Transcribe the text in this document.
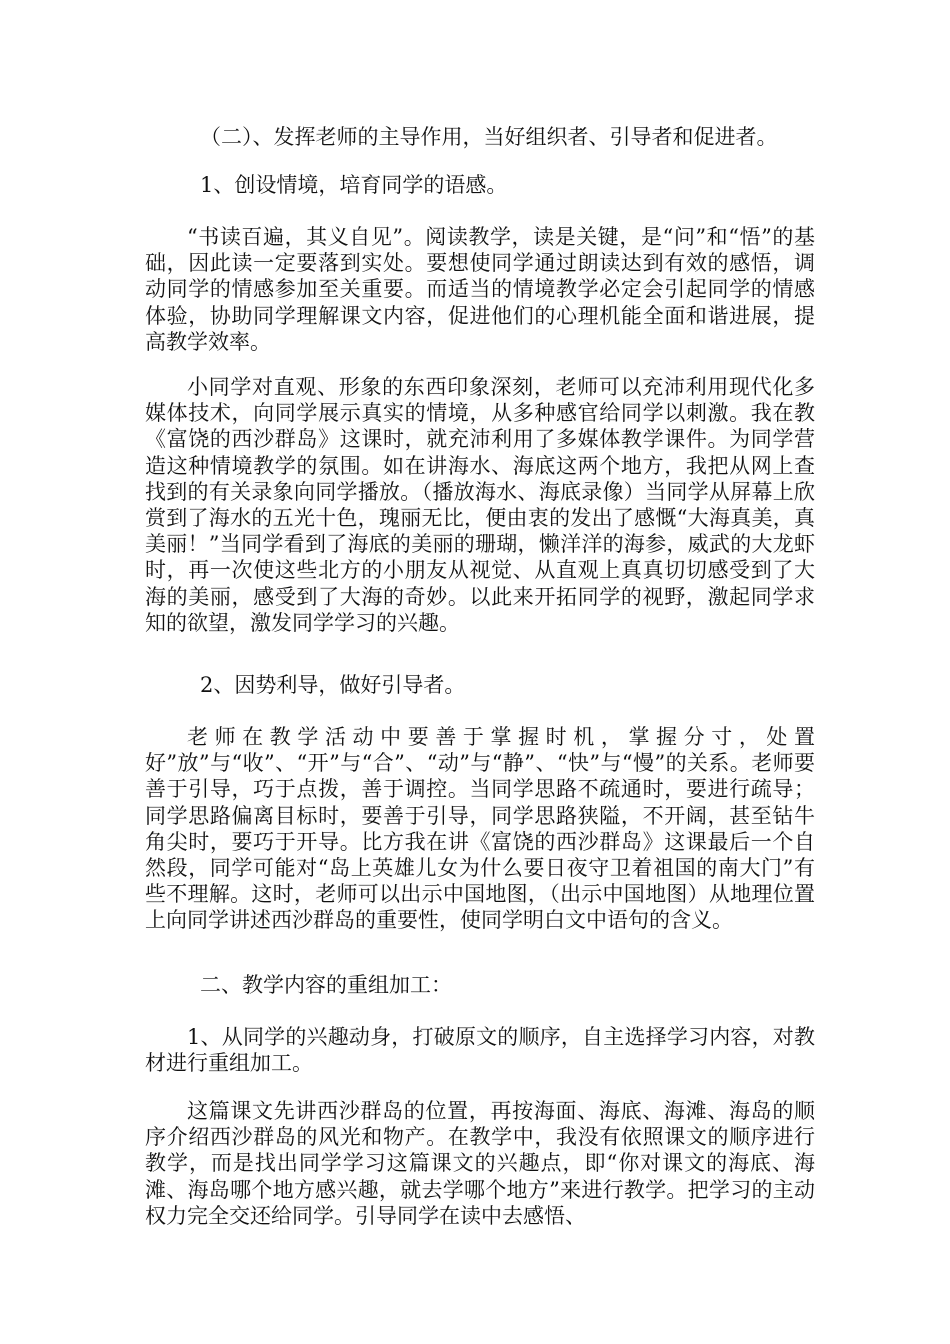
（二）、发挥老师的主导作用，当好组织者、引导者和促进者。

1、创设情境，培育同学的语感。

“书读百遍，其义自见”。阅读教学，读是关键，是“问”和“悟”的基础，因此读一定要落到实处。要想使同学通过朗读达到有效的感悟，调动同学的情感参加至关重要。而适当的情境教学必定会引起同学的情感体验，协助同学理解课文内容，促进他们的心理机能全面和谐进展，提高教学效率。

小同学对直观、形象的东西印象深刻，老师可以充沛利用现代化多媒体技术，向同学展示真实的情境，从多种感官给同学以刺激。我在教《富饶的西沙群岛》这课时，就充沛利用了多媒体教学课件。为同学营造这种情境教学的氛围。如在讲海水、海底这两个地方，我把从网上查找到的有关录象向同学播放。（播放海水、海底录像）当同学从屏幕上欣赏到了海水的五光十色，瑰丽无比，便由衷的发出了感慨“大海真美，真美丽！”当同学看到了海底的美丽的珊瑚，懒洋洋的海参，威武的大龙虾时，再一次使这些北方的小朋友从视觉、从直观上真真切切感受到了大海的美丽，感受到了大海的奇妙。以此来开拓同学的视野，激起同学求知的欲望，激发同学学习的兴趣。

2、因势利导，做好引导者。

老师在教学活动中要善于掌握时机，掌握分寸，处置好”放”与“收”、“开”与“合”、“动”与“静”、“快”与“慢”的关系。老师要善于引导，巧于点拨，善于调控。当同学思路不疏通时，要进行疏导；同学思路偏离目标时，要善于引导，同学思路狭隘，不开阔，甚至钻牛角尖时，要巧于开导。比方我在讲《富饶的西沙群岛》这课最后一个自然段，同学可能对“岛上英雄儿女为什么要日夜守卫着祖国的南大门”有些不理解。这时，老师可以出示中国地图，（出示中国地图）从地理位置上向同学讲述西沙群岛的重要性，使同学明白文中语句的含义。

二、教学内容的重组加工：

1、从同学的兴趣动身，打破原文的顺序，自主选择学习内容，对教材进行重组加工。

这篇课文先讲西沙群岛的位置，再按海面、海底、海滩、海岛的顺序介绍西沙群岛的风光和物产。在教学中，我没有依照课文的顺序进行教学，而是找出同学学习这篇课文的兴趣点，即“你对课文的海底、海滩、海岛哪个地方感兴趣，就去学哪个地方”来进行教学。把学习的主动权力完全交还给同学。引导同学在读中去感悟、
